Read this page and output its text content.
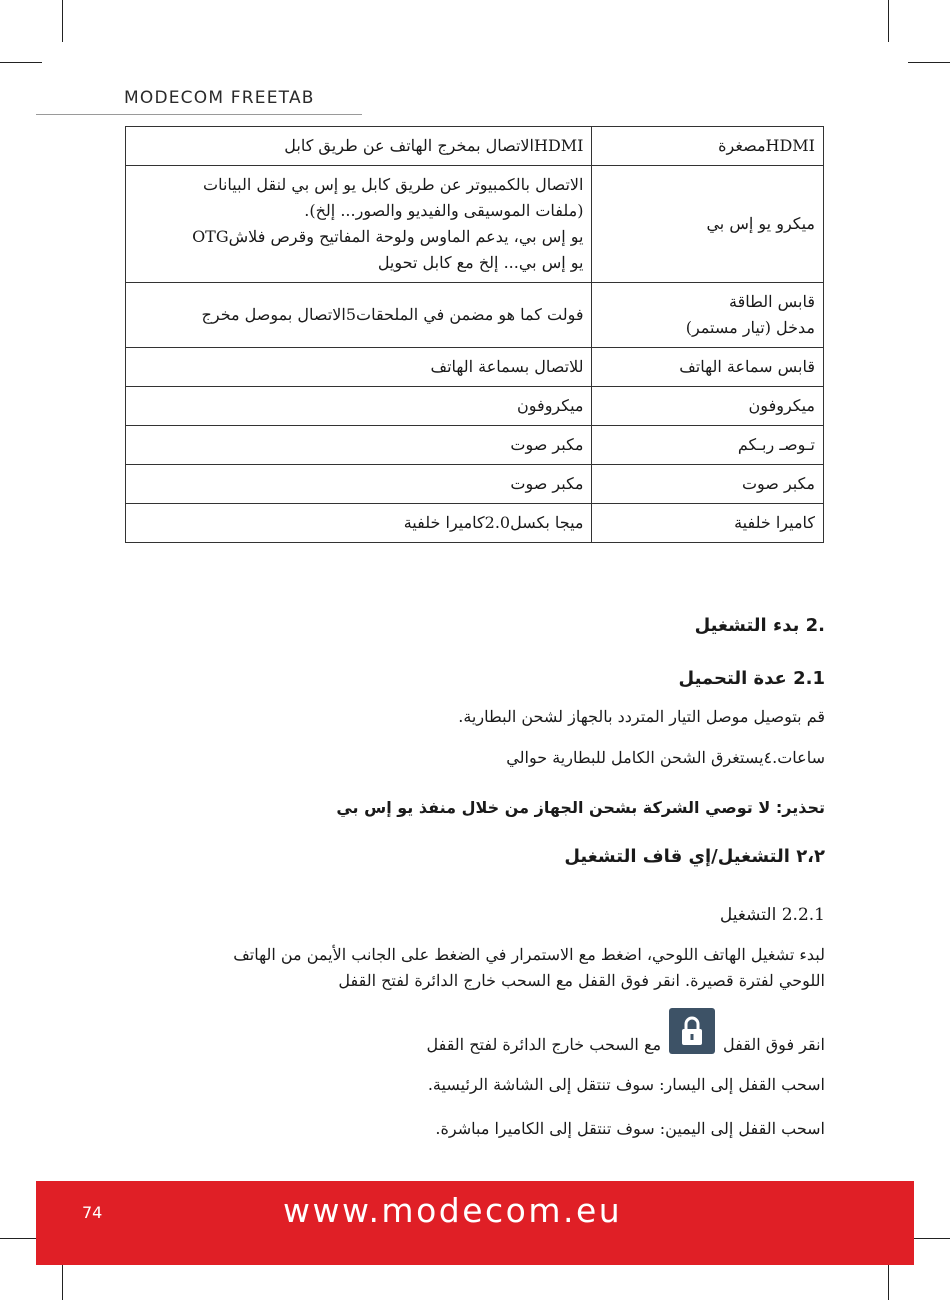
MODECOM FREETAB
HDMIمصغرة	HDMIالاتصال بمخرج الهاتف عن طريق كابل

ميكرو يو إس بي	الاتصال بالكمبيوتر عن طريق كابل يو إس بي لنقل البيانات
(ملفات الموسيقى والفيديو والصور... إلخ).
يو إس بي، يدعم الماوس ولوحة المفاتيح وقرص فلاشOTG
يو إس بي... إلخ مع كابل تحويل

قابس الطاقة
مدخل (تيار مستمر)	فولت كما هو مضمن في الملحقات5الاتصال بموصل مخرج

قابس سماعة الهاتف	للاتصال بسماعة الهاتف

ميكروفون	ميكروفون

تـوصـ ربـكم	مكبر صوت

مكبر صوت	مكبر صوت

كاميرا خلفية	ميجا بكسل2.0كاميرا خلفية
.2 بدء التشغيل
2.1 عدة التحميل
قم بتوصيل موصل التيار المتردد بالجهاز لشحن البطارية.
ساعات.٤يستغرق الشحن الكامل للبطارية حوالي
تحذير: لا توصي الشركة بشحن الجهاز من خلال منفذ يو إس بي
٢،٢ التشغيل/إي قاف التشغيل
2.2.1 التشغيل
لبدء تشغيل الهاتف اللوحي، اضغط مع الاستمرار في الضغط على الجانب الأيمن من الهاتف
اللوحي لفترة قصيرة. انقر فوق القفل مع السحب خارج الدائرة لفتح القفل
انقر فوق القفل
مع السحب خارج الدائرة لفتح القفل
اسحب القفل إلى اليسار: سوف تنتقل إلى الشاشة الرئيسية.
اسحب القفل إلى اليمين: سوف تنتقل إلى الكاميرا مباشرة.
74	www.modecom.eu
